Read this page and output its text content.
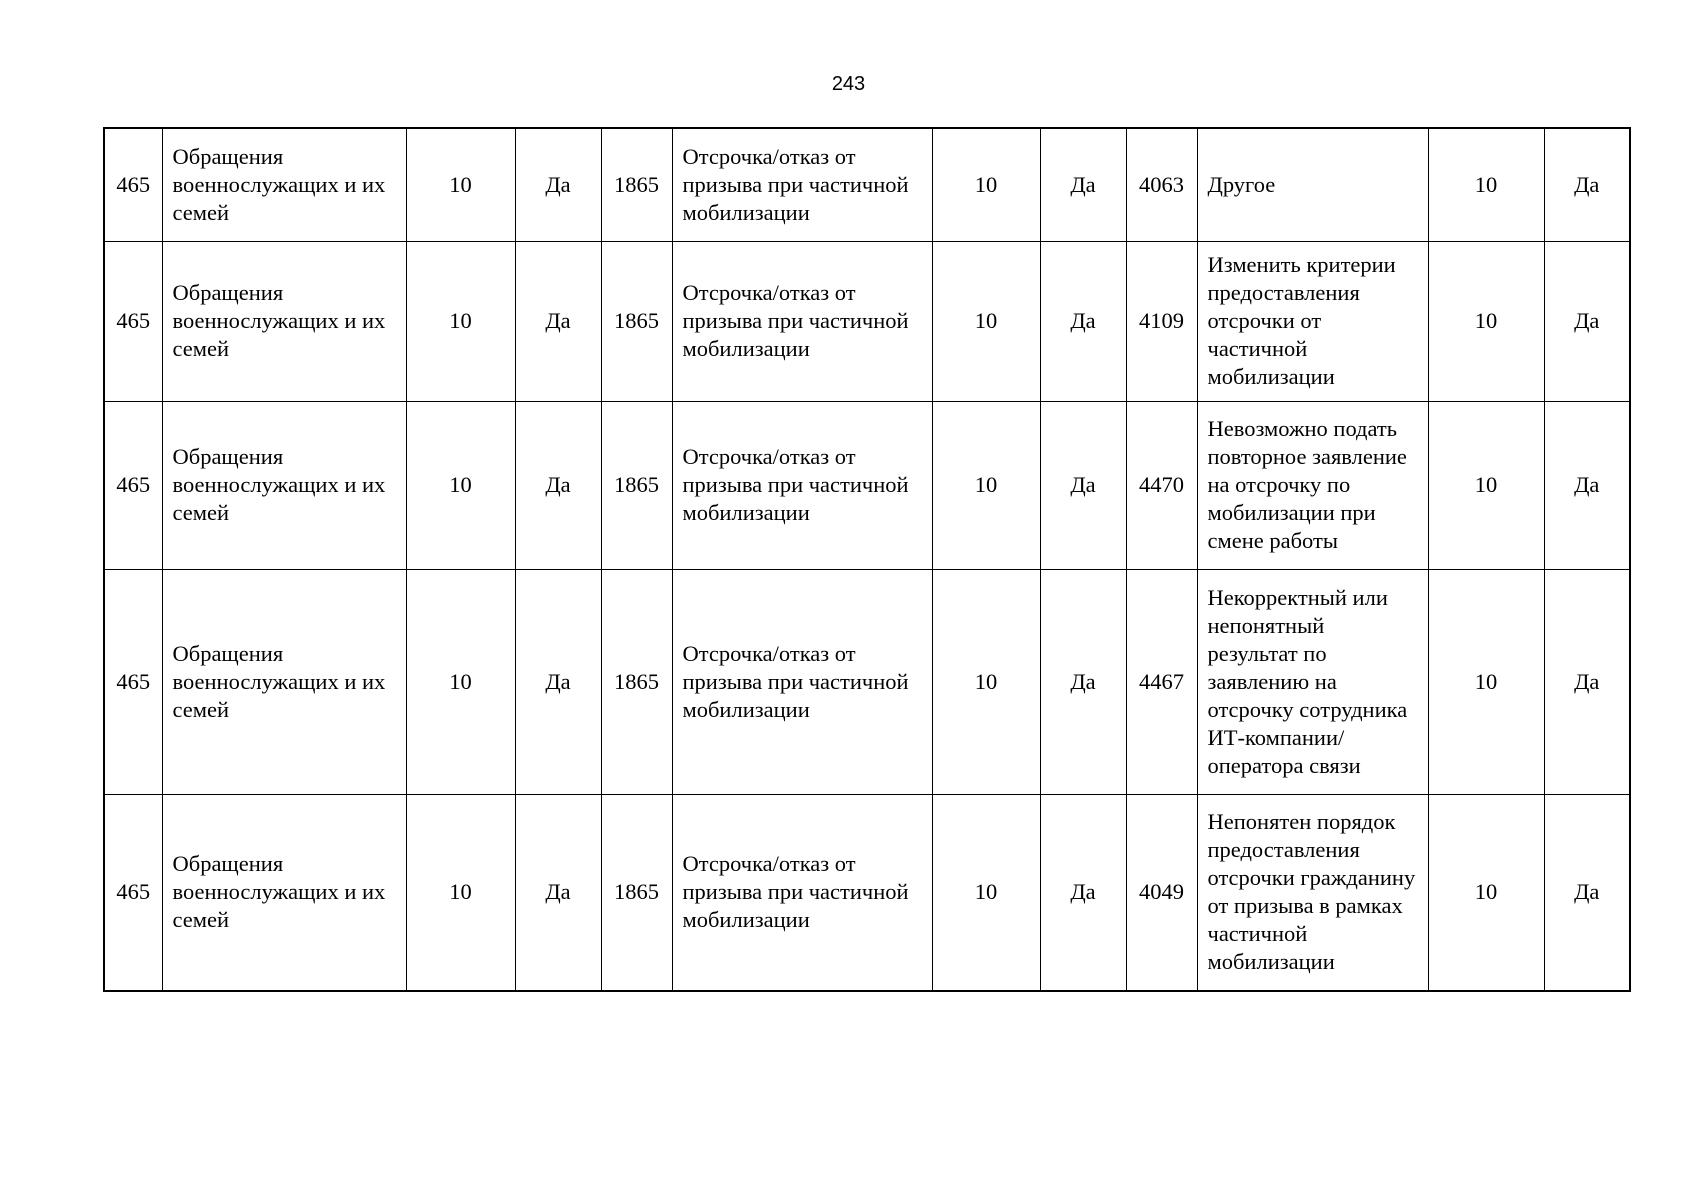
243
465	Обращения военнослужащих и их семей	10	Да	1865	Отсрочка/отказ от призыва при частичной мобилизации	10	Да	4063	Другое	10	Да
465	Обращения военнослужащих и их семей	10	Да	1865	Отсрочка/отказ от призыва при частичной мобилизации	10	Да	4109	Изменить критерии предоставления отсрочки от частичной мобилизации	10	Да
465	Обращения военнослужащих и их семей	10	Да	1865	Отсрочка/отказ от призыва при частичной мобилизации	10	Да	4470	Невозможно подать повторное заявление на отсрочку по мобилизации при смене работы	10	Да
465	Обращения военнослужащих и их семей	10	Да	1865	Отсрочка/отказ от призыва при частичной мобилизации	10	Да	4467	Некорректный или непонятный результат по заявлению на отсрочку сотрудника ИТ-компании/оператора связи	10	Да
465	Обращения военнослужащих и их семей	10	Да	1865	Отсрочка/отказ от призыва при частичной мобилизации	10	Да	4049	Непонятен порядок предоставления отсрочки гражданину от призыва в рамках частичной мобилизации	10	Да
